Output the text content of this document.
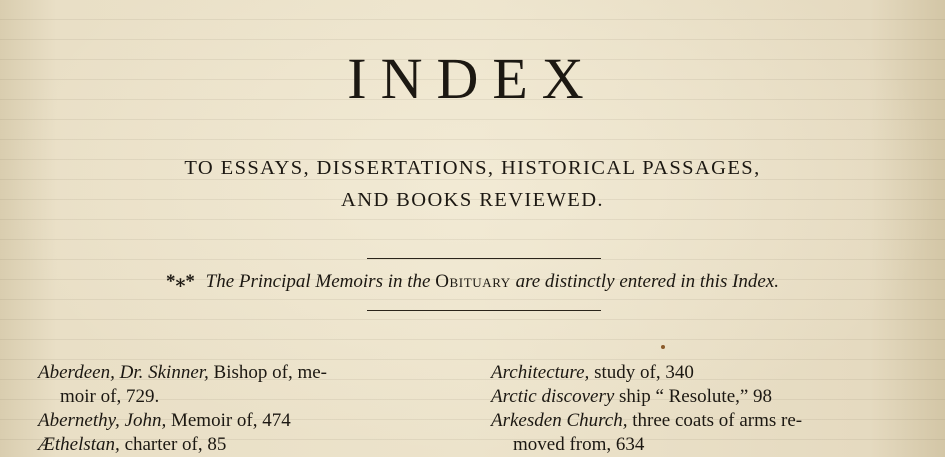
INDEX
TO ESSAYS, DISSERTATIONS, HISTORICAL PASSAGES,
AND BOOKS REVIEWED.
*⁎* The Principal Memoirs in the Obituary are distinctly entered in this Index.

Aberdeen, Dr. Skinner, Bishop of, me-
moir of, 729.

Abernethy, John, Memoir of, 474

Æthelstan, charter of, 85

Architecture, study of, 340

Arctic discovery ship “ Resolute,” 98

Arkesden Church, three coats of arms re-
moved from, 634
